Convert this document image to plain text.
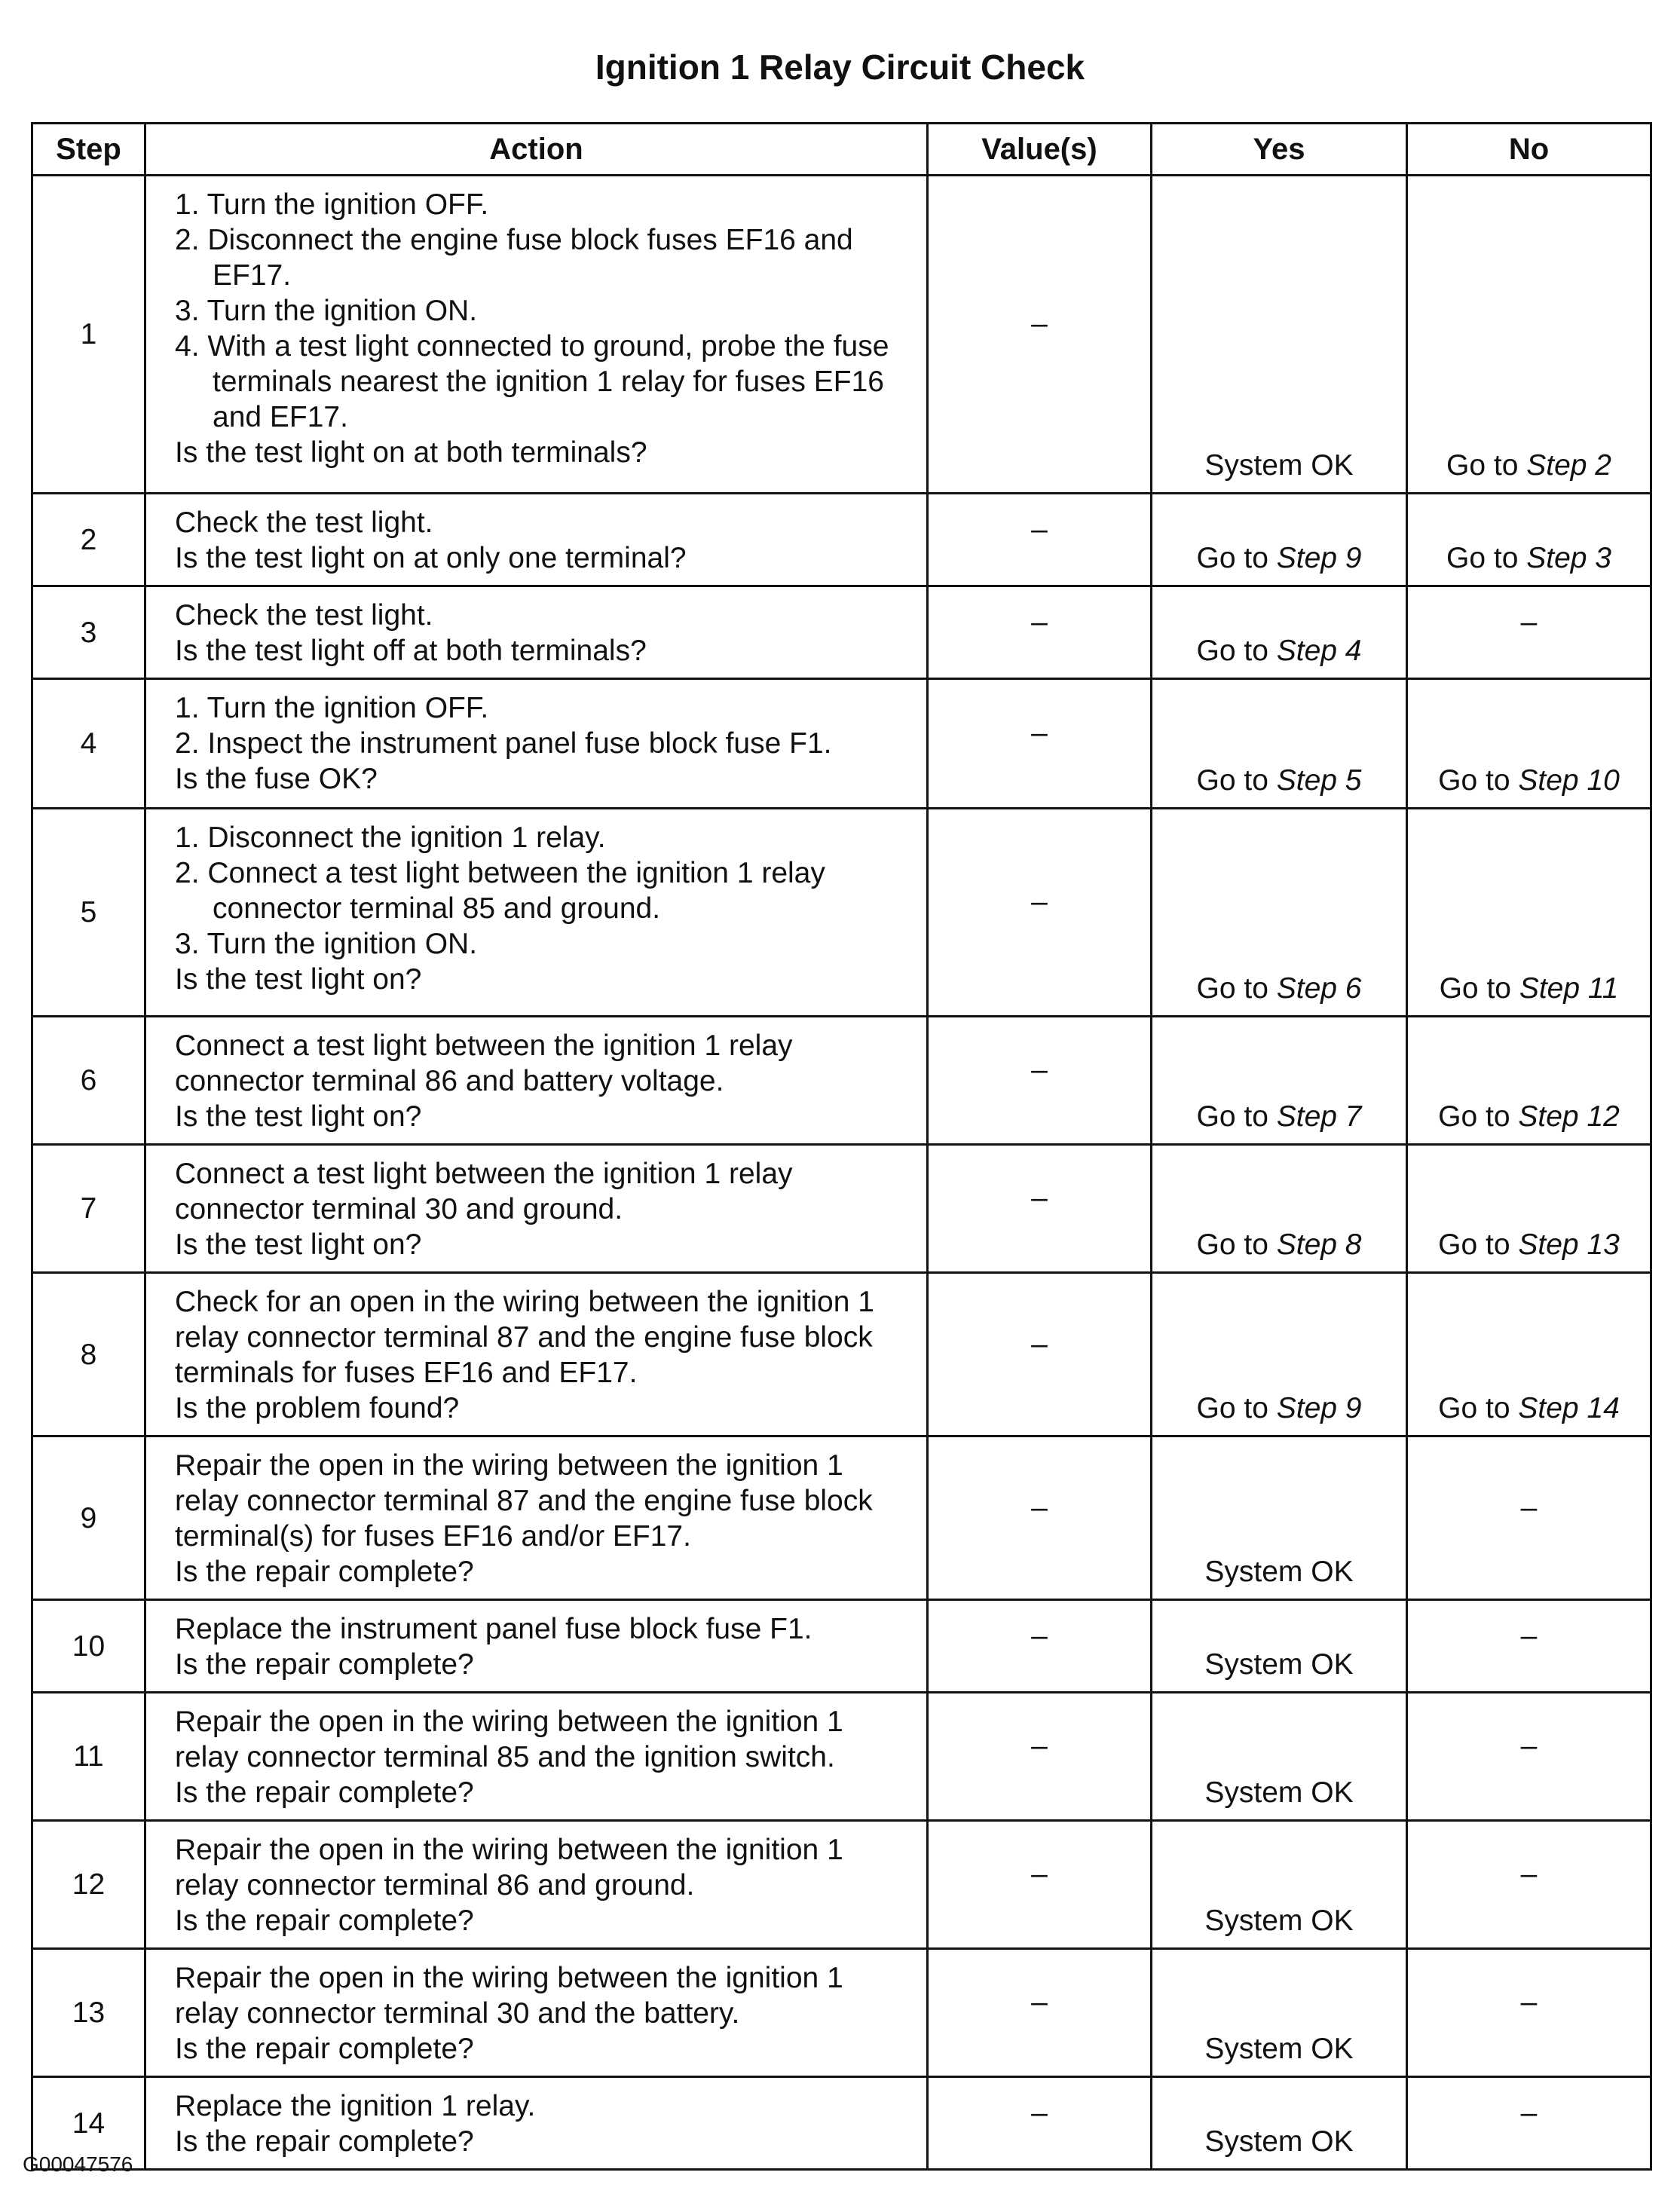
Ignition 1 Relay Circuit Check
Step	Action	Value(s)	Yes	No
1	1. Turn the ignition OFF.
2. Disconnect the engine fuse block fuses EF16 and EF17.
3. Turn the ignition ON.
4. With a test light connected to ground, probe the fuse terminals nearest the ignition 1 relay for fuses EF16 and EF17.
Is the test light on at both terminals?	–	System OK	Go to Step 2
2	Check the test light.
Is the test light on at only one terminal?	–	Go to Step 9	Go to Step 3
3	Check the test light.
Is the test light off at both terminals?	–	Go to Step 4	–
4	1. Turn the ignition OFF.
2. Inspect the instrument panel fuse block fuse F1.
Is the fuse OK?	–	Go to Step 5	Go to Step 10
5	1. Disconnect the ignition 1 relay.
2. Connect a test light between the ignition 1 relay connector terminal 85 and ground.
3. Turn the ignition ON.
Is the test light on?	–	Go to Step 6	Go to Step 11
6	Connect a test light between the ignition 1 relay connector terminal 86 and battery voltage.
Is the test light on?	–	Go to Step 7	Go to Step 12
7	Connect a test light between the ignition 1 relay connector terminal 30 and ground.
Is the test light on?	–	Go to Step 8	Go to Step 13
8	Check for an open in the wiring between the ignition 1 relay connector terminal 87 and the engine fuse block terminals for fuses EF16 and EF17.
Is the problem found?	–	Go to Step 9	Go to Step 14
9	Repair the open in the wiring between the ignition 1 relay connector terminal 87 and the engine fuse block terminal(s) for fuses EF16 and/or EF17.
Is the repair complete?	–	System OK	–
10	Replace the instrument panel fuse block fuse F1.
Is the repair complete?	–	System OK	–
11	Repair the open in the wiring between the ignition 1 relay connector terminal 85 and the ignition switch.
Is the repair complete?	–	System OK	–
12	Repair the open in the wiring between the ignition 1 relay connector terminal 86 and ground.
Is the repair complete?	–	System OK	–
13	Repair the open in the wiring between the ignition 1 relay connector terminal 30 and the battery.
Is the repair complete?	–	System OK	–
14	Replace the ignition 1 relay.
Is the repair complete?	–	System OK	–
G00047576
